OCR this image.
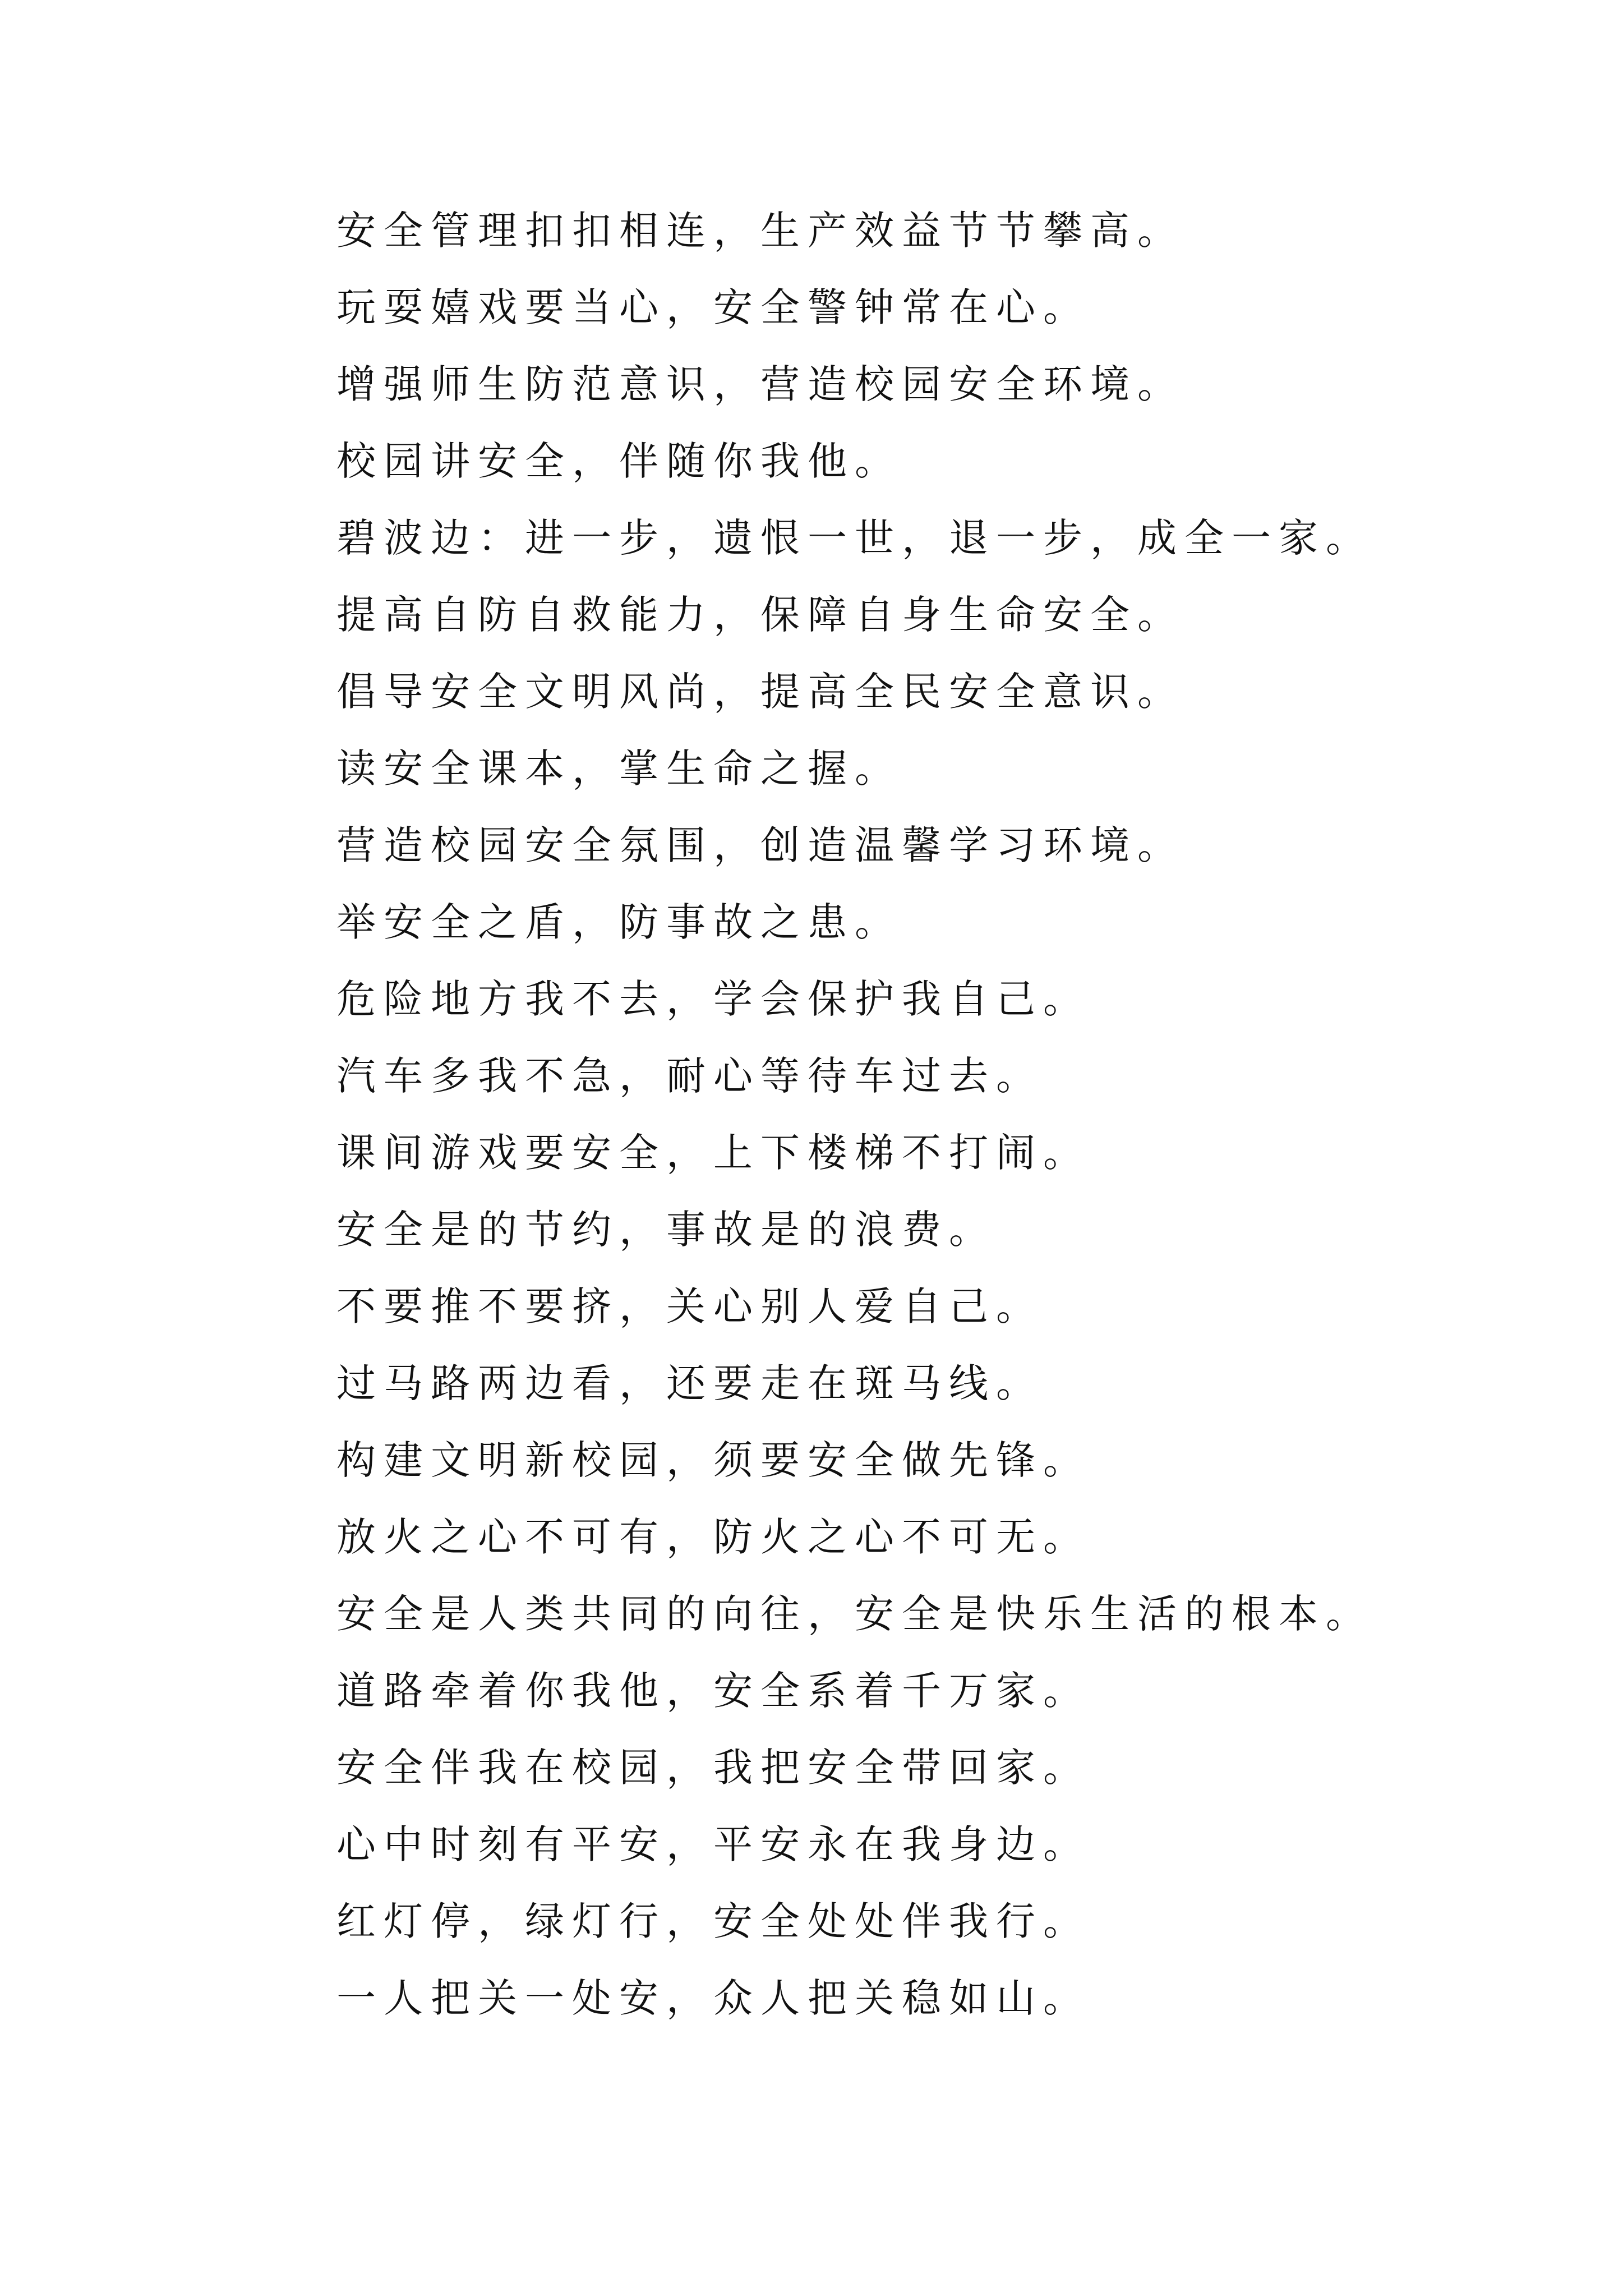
安全管理扣扣相连，生产效益节节攀高。
玩耍嬉戏要当心，安全警钟常在心。
增强师生防范意识，营造校园安全环境。
校园讲安全，伴随你我他。
碧波边：进一步，遗恨一世，退一步，成全一家。
提高自防自救能力，保障自身生命安全。
倡导安全文明风尚，提高全民安全意识。
读安全课本，掌生命之握。
营造校园安全氛围，创造温馨学习环境。
举安全之盾，防事故之患。
危险地方我不去，学会保护我自己。
汽车多我不急，耐心等待车过去。
课间游戏要安全，上下楼梯不打闹。
安全是的节约，事故是的浪费。
不要推不要挤，关心别人爱自己。
过马路两边看，还要走在斑马线。
构建文明新校园，须要安全做先锋。
放火之心不可有，防火之心不可无。
安全是人类共同的向往，安全是快乐生活的根本。
道路牵着你我他，安全系着千万家。
安全伴我在校园，我把安全带回家。
心中时刻有平安，平安永在我身边。
红灯停，绿灯行，安全处处伴我行。
一人把关一处安，众人把关稳如山。
